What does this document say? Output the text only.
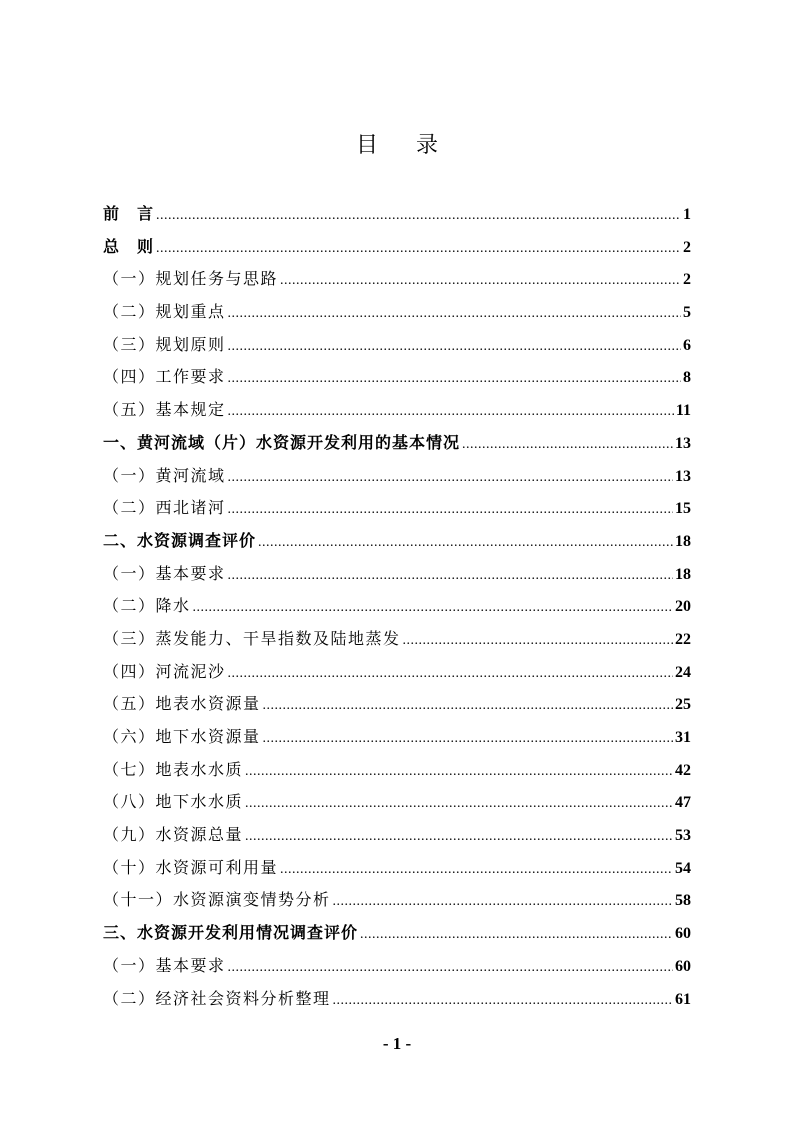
目录
前　言 .....	1
总　则 .....	2
（一）规划任务与思路 .....	2
（二）规划重点 .....	5
（三）规划原则 .....	6
（四）工作要求 .....	8
（五）基本规定 .....	11
一、黄河流域（片）水资源开发利用的基本情况 .....	13
（一）黄河流域 .....	13
（二）西北诸河 .....	15
二、水资源调查评价 .....	18
（一）基本要求 .....	18
（二）降水 .....	20
（三）蒸发能力、干旱指数及陆地蒸发 .....	22
（四）河流泥沙 .....	24
（五）地表水资源量 .....	25
（六）地下水资源量 .....	31
（七）地表水水质 .....	42
（八）地下水水质 .....	47
（九）水资源总量 .....	53
（十）水资源可利用量 .....	54
（十一）水资源演变情势分析 .....	58
三、水资源开发利用情况调查评价 .....	60
（一）基本要求 .....	60
（二）经济社会资料分析整理 .....	61
- 1 -
